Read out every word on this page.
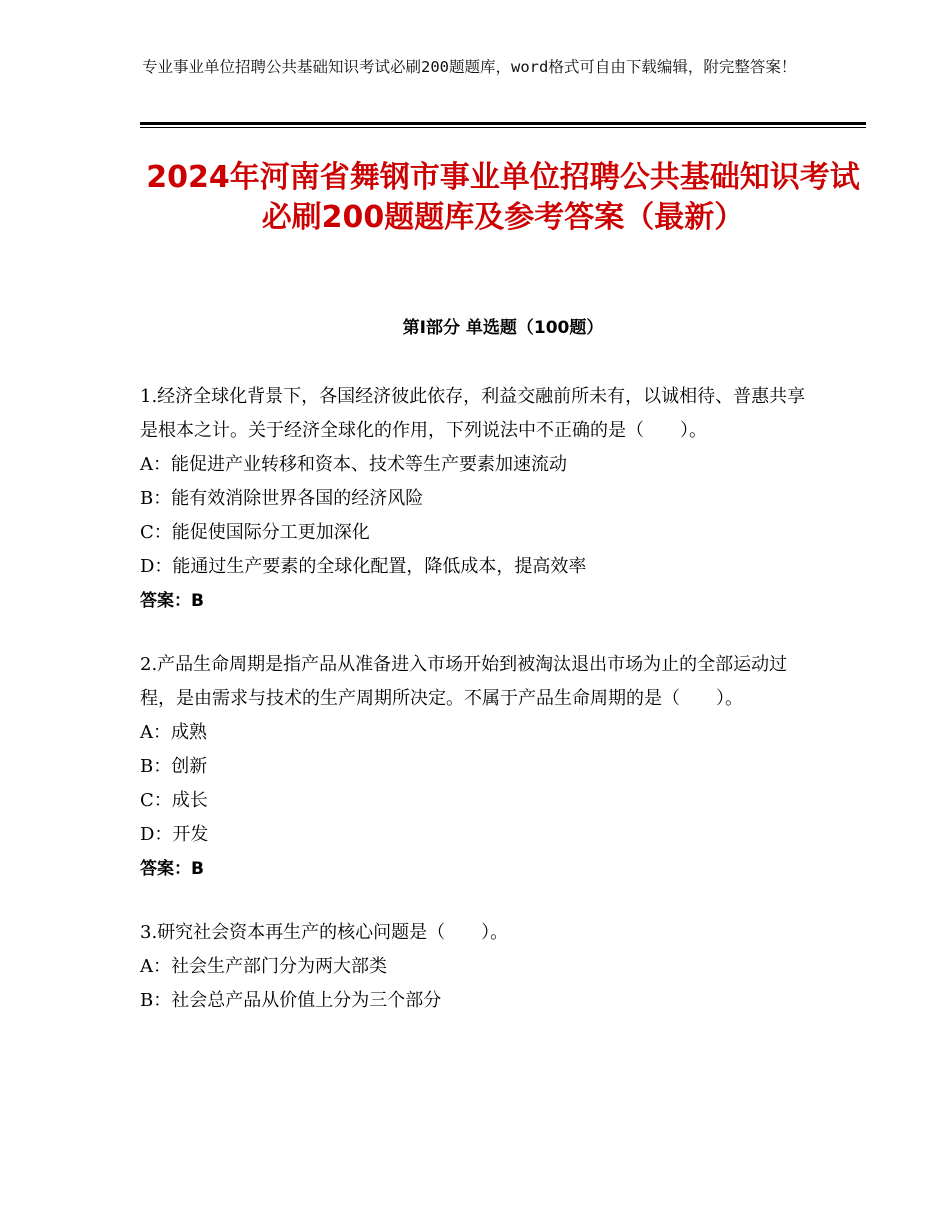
专业事业单位招聘公共基础知识考试必刷200题题库，word格式可自由下载编辑，附完整答案！
2024年河南省舞钢市事业单位招聘公共基础知识考试必刷200题题库及参考答案（最新）
第Ⅰ部分 单选题（100题）

1.经济全球化背景下，各国经济彼此依存，利益交融前所未有，以诚相待、普惠共享是根本之计。关于经济全球化的作用，下列说法中不正确的是（　　）。

A：能促进产业转移和资本、技术等生产要素加速流动
B：能有效消除世界各国的经济风险
C：能促使国际分工更加深化
D：能通过生产要素的全球化配置，降低成本，提高效率
答案：B

2.产品生命周期是指产品从准备进入市场开始到被淘汰退出市场为止的全部运动过程，是由需求与技术的生产周期所决定。不属于产品生命周期的是（　　）。

A：成熟
B：创新
C：成长
D：开发
答案：B

3.研究社会资本再生产的核心问题是（　　）。

A：社会生产部门分为两大部类
B：社会总产品从价值上分为三个部分
